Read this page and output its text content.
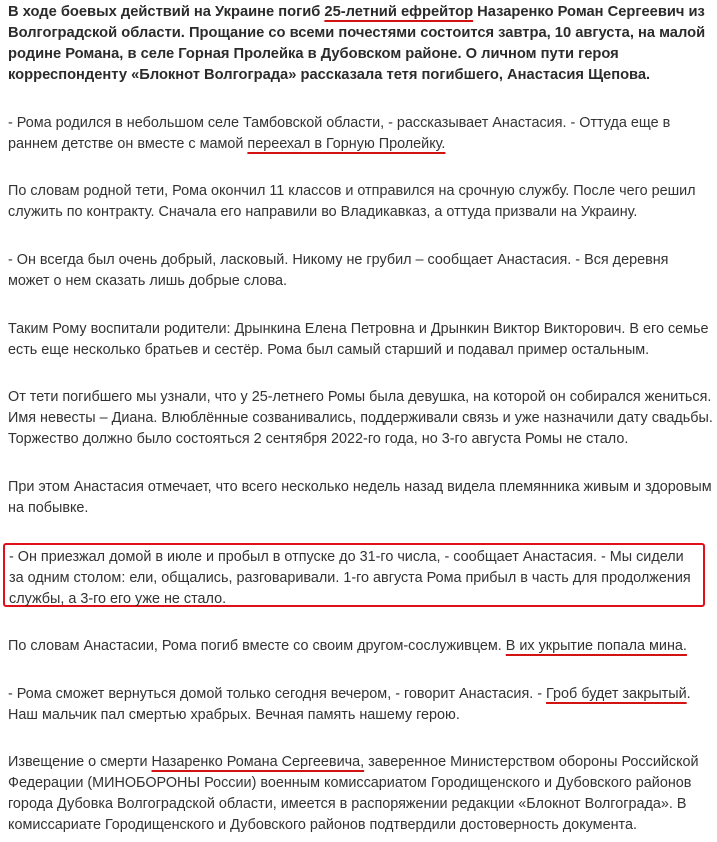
В ходе боевых действий на Украине погиб 25-летний ефрейтор Назаренко Роман Сергеевич из Волгоградской области. Прощание со всеми почестями состоится завтра, 10 августа, на малой родине Романа, в селе Горная Пролейка в Дубовском районе. О личном пути героя корреспонденту «Блокнот Волгограда» рассказала тетя погибшего, Анастасия Щепова.

- Рома родился в небольшом селе Тамбовской области, - рассказывает Анастасия. - Оттуда еще в раннем детстве он вместе с мамой переехал в Горную Пролейку.

По словам родной тети, Рома окончил 11 классов и отправился на срочную службу. После чего решил служить по контракту. Сначала его направили во Владикавказ, а оттуда призвали на Украину.

- Он всегда был очень добрый, ласковый. Никому не грубил – сообщает Анастасия. - Вся деревня может о нем сказать лишь добрые слова.

Таким Рому воспитали родители: Дрынкина Елена Петровна и Дрынкин Виктор Викторович. В его семье есть еще несколько братьев и сестёр. Рома был самый старший и подавал пример остальным.

От тети погибшего мы узнали, что у 25-летнего Ромы была девушка, на которой он собирался жениться. Имя невесты – Диана. Влюблённые созванивались, поддерживали связь и уже назначили дату свадьбы. Торжество должно было состояться 2 сентября 2022-го года, но 3-го августа Ромы не стало.

При этом Анастасия отмечает, что всего несколько недель назад видела племянника живым и здоровым на побывке.

- Он приезжал домой в июле и пробыл в отпуске до 31-го числа, - сообщает Анастасия. - Мы сидели за одним столом: ели, общались, разговаривали. 1-го августа Рома прибыл в часть для продолжения службы, а 3-го его уже не стало.

По словам Анастасии, Рома погиб вместе со своим другом-сослуживцем. В их укрытие попала мина.

- Рома сможет вернуться домой только сегодня вечером, - говорит Анастасия. - Гроб будет закрытый. Наш мальчик пал смертью храбрых. Вечная память нашему герою.

Извещение о смерти Назаренко Романа Сергеевича, заверенное Министерством обороны Российской Федерации (МИНОБОРОНЫ России) военным комиссариатом Городищенского и Дубовского районов города Дубовка Волгоградской области, имеется в распоряжении редакции «Блокнот Волгограда». В комиссариате Городищенского и Дубовского районов подтвердили достоверность документа.
